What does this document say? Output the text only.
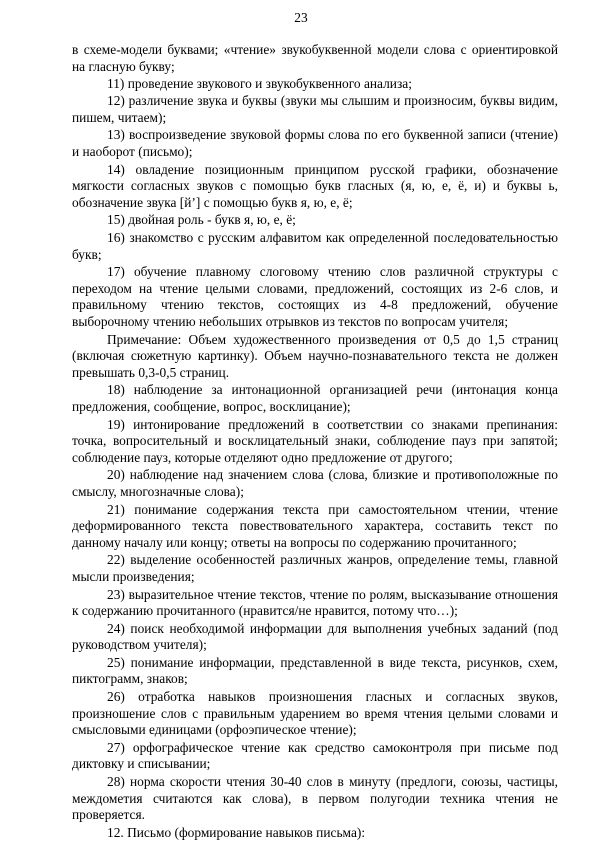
23

в схеме-модели буквами; «чтение» звукобуквенной модели слова с ориентировкой на гласную букву;

11) проведение звукового и звукобуквенного анализа;

12) различение звука и буквы (звуки мы слышим и произносим, буквы видим, пишем, читаем);

13) воспроизведение звуковой формы слова по его буквенной записи (чтение) и наоборот (письмо);

14) овладение позиционным принципом русской графики, обозначение мягкости согласных звуков с помощью букв гласных (я, ю, е, ё, и) и буквы ь, обозначение звука [й’] с помощью букв я, ю, е, ё;

15) двойная роль - букв я, ю, е, ё;

16) знакомство с русским алфавитом как определенной последовательностью букв;

17) обучение плавному слоговому чтению слов различной структуры с переходом на чтение целыми словами, предложений, состоящих из 2-6 слов, и правильному чтению текстов, состоящих из 4-8 предложений, обучение выборочному чтению небольших отрывков из текстов по вопросам учителя;

Примечание: Объем художественного произведения от 0,5 до 1,5 страниц (включая сюжетную картинку). Объем научно-познавательного текста не должен превышать 0,3-0,5 страниц.

18) наблюдение за интонационной организацией речи (интонация конца предложения, сообщение, вопрос, восклицание);

19) интонирование предложений в соответствии со знаками препинания: точка, вопросительный и восклицательный знаки, соблюдение пауз при запятой; соблюдение пауз, которые отделяют одно предложение от другого;

20) наблюдение над значением слова (слова, близкие и противоположные по смыслу, многозначные слова);

21) понимание содержания текста при самостоятельном чтении, чтение деформированного текста повествовательного характера, составить текст по данному началу или концу; ответы на вопросы по содержанию прочитанного;

22) выделение особенностей различных жанров, определение темы, главной мысли произведения;

23) выразительное чтение текстов, чтение по ролям, высказывание отношения к содержанию прочитанного (нравится/не нравится, потому что…);

24) поиск необходимой информации для выполнения учебных заданий (под руководством учителя);

25) понимание информации, представленной в виде текста, рисунков, схем, пиктограмм, знаков;

26) отработка навыков произношения гласных и согласных звуков, произношение слов с правильным ударением во время чтения целыми словами и смысловыми единицами (орфоэпическое чтение);

27) орфографическое чтение как средство самоконтроля при письме под диктовку и списывании;

28) норма скорости чтения 30-40 слов в минуту (предлоги, союзы, частицы, междометия считаются как слова), в первом полугодии техника чтения не проверяется.

12. Письмо (формирование навыков письма):
